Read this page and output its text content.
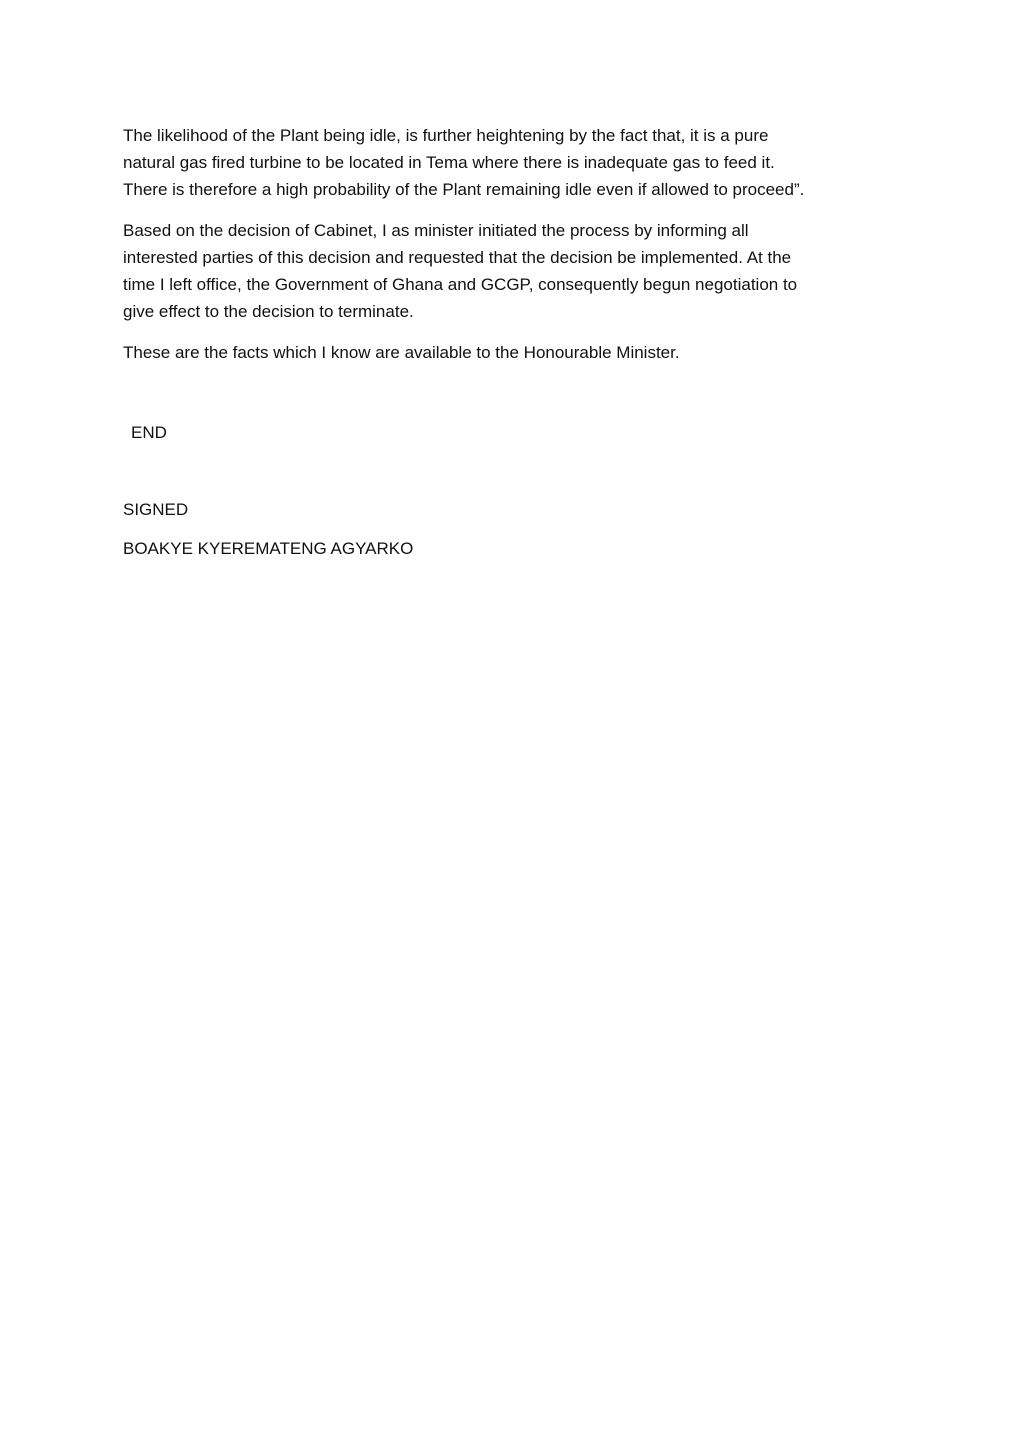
The likelihood of the Plant being idle, is further heightening by the fact that, it is a pure
natural gas fired turbine to be located in Tema where there is inadequate gas to feed it.
There is therefore a high probability of the Plant remaining idle even if allowed to proceed”.
Based on the decision of Cabinet, I as minister initiated the process by informing all
interested parties of this decision and requested that the decision be implemented. At the
time I left office, the Government of Ghana and GCGP, consequently begun negotiation to
give effect to the decision to terminate.
These are the facts which I know are available to the Honourable Minister.
END
SIGNED
BOAKYE KYEREMATENG AGYARKO
